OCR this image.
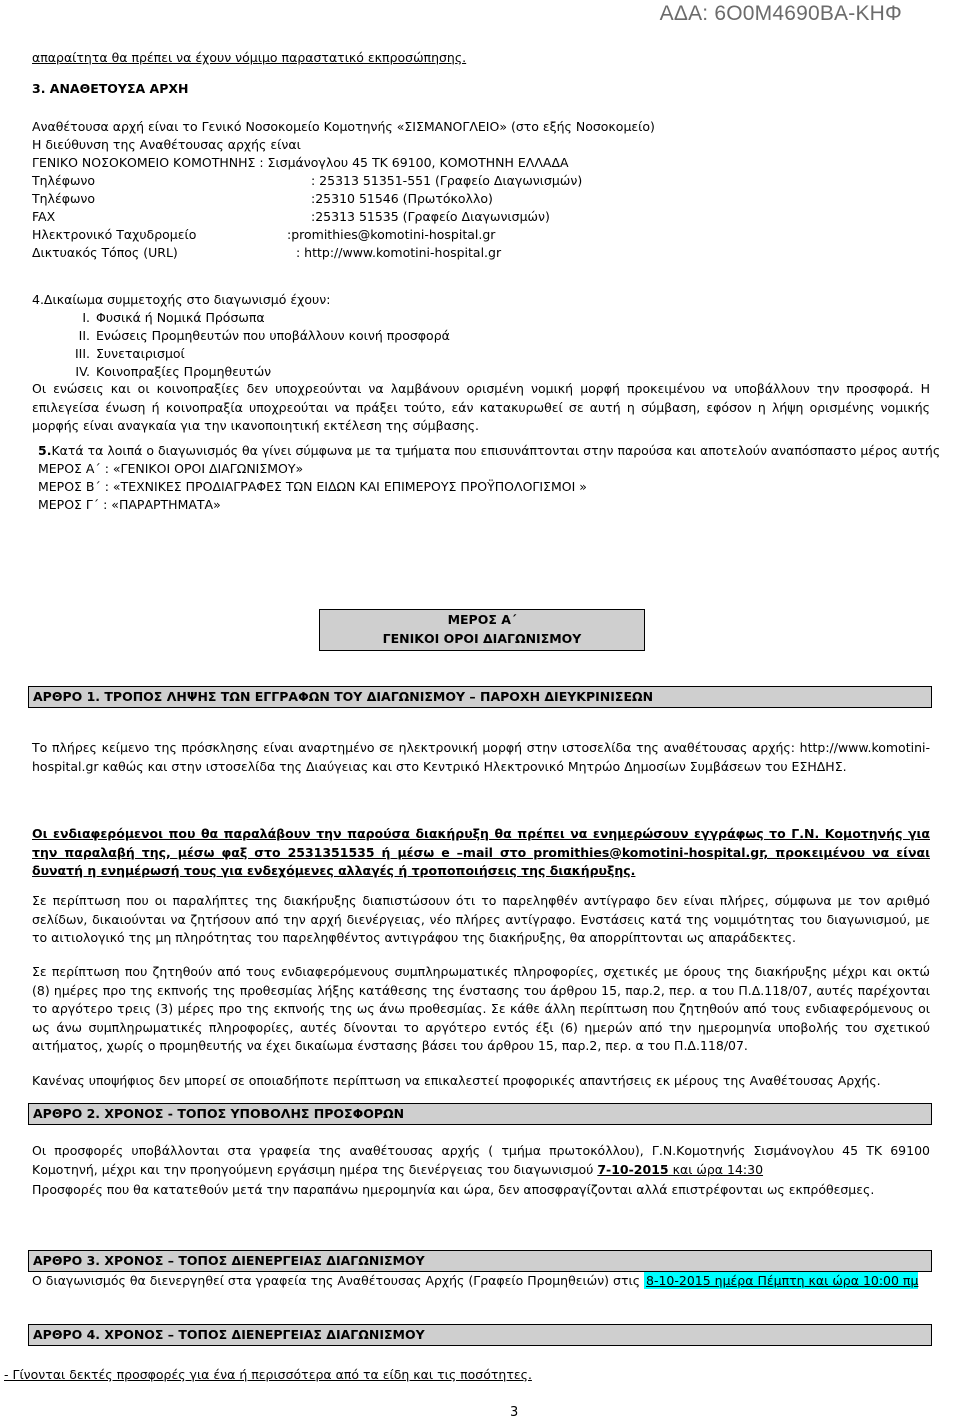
ΑΔΑ: 6Ο0Μ4690ΒΑ-ΚΗΦ
απαραίτητα θα πρέπει να έχουν νόμιμο παραστατικό εκπροσώπησης.
3. ΑΝΑΘΕΤΟΥΣΑ ΑΡΧΗ
Αναθέτουσα αρχή είναι το Γενικό Νοσοκομείο Κομοτηνής «ΣΙΣΜΑΝΟΓΛΕΙΟ» (στο εξής Νοσοκομείο)
Η διεύθυνση της Αναθέτουσας αρχής είναι
ΓΕΝΙΚΟ ΝΟΣΟΚΟΜΕΙΟ ΚΟΜΟΤΗΝΗΣ : Σισμάνογλου 45 ΤΚ 69100, ΚΟΜΟΤΗΝΗ ΕΛΛΑΔΑ
Τηλέφωνο	: 25313 51351-551 (Γραφείο Διαγωνισμών)
Τηλέφωνο	:25310 51546 (Πρωτόκολλο)
FAX	:25313 51535 (Γραφείο Διαγωνισμών)
Ηλεκτρονικό Ταχυδρομείο	:promithies@komotini-hospital.gr
Δικτυακός Τόπος (URL)	: http://www.komotini-hospital.gr
4.Δικαίωμα συμμετοχής στο διαγωνισμό έχουν:
I. Φυσικά ή Νομικά Πρόσωπα
II. Ενώσεις Προμηθευτών που υποβάλλουν κοινή προσφορά
III. Συνεταιρισμοί
IV. Κοινοπραξίες Προμηθευτών
Οι ενώσεις και οι κοινοπραξίες δεν υποχρεούνται να λαμβάνουν ορισμένη νομική μορφή προκειμένου να υποβάλλουν την προσφορά. Η επιλεγείσα ένωση ή κοινοπραξία υποχρεούται να πράξει τούτο, εάν κατακυρωθεί σε αυτή η σύμβαση, εφόσον η λήψη ορισμένης νομικής μορφής είναι αναγκαία για την ικανοποιητική εκτέλεση της σύμβασης.
5.Κατά τα λοιπά ο διαγωνισμός θα γίνει σύμφωνα με τα τμήματα που επισυνάπτονται στην παρούσα και αποτελούν αναπόσπαστο μέρος αυτής
ΜΕΡΟΣ Α΄ : «ΓΕΝΙΚΟΙ ΟΡΟΙ ΔΙΑΓΩΝΙΣΜΟΥ»
ΜΕΡΟΣ Β΄ : «ΤΕΧΝΙΚΕΣ ΠΡΟΔΙΑΓΡΑΦΕΣ ΤΩΝ ΕΙΔΩΝ ΚΑΙ ΕΠΙΜΕΡΟΥΣ ΠΡΟΫΠΟΛΟΓΙΣΜΟΙ »
ΜΕΡΟΣ Γ΄ : «ΠΑΡΑΡΤΗΜΑΤΑ»
ΜΕΡΟΣ Α΄
ΓΕΝΙΚΟΙ ΟΡΟΙ ΔΙΑΓΩΝΙΣΜΟΥ
ΑΡΘΡΟ 1. ΤΡΟΠΟΣ ΛΗΨΗΣ ΤΩΝ ΕΓΓΡΑΦΩΝ ΤΟΥ ΔΙΑΓΩΝΙΣΜΟΥ – ΠΑΡΟΧΗ ΔΙΕΥΚΡΙΝΙΣΕΩΝ
Το πλήρες κείμενο της πρόσκλησης είναι αναρτημένο σε ηλεκτρονική μορφή στην ιστοσελίδα της αναθέτουσας αρχής: http://www.komotini-hospital.gr καθώς και στην ιστοσελίδα της Διαύγειας και στο Κεντρικό Ηλεκτρονικό Μητρώο Δημοσίων Συμβάσεων του ΕΣΗΔΗΣ.
Οι ενδιαφερόμενοι που θα παραλάβουν την παρούσα διακήρυξη θα πρέπει να ενημερώσουν εγγράφως το Γ.Ν. Κομοτηνής για την παραλαβή της, μέσω φαξ στο 2531351535 ή μέσω e –mail στο promithies@komotini-hospital.gr, προκειμένου να είναι δυνατή η ενημέρωσή τους για ενδεχόμενες αλλαγές ή τροποποιήσεις της διακήρυξης.
Σε περίπτωση που οι παραλήπτες της διακήρυξης διαπιστώσουν ότι το παρεληφθέν αντίγραφο δεν είναι πλήρες, σύμφωνα με τον αριθμό σελίδων, δικαιούνται να ζητήσουν από την αρχή διενέργειας, νέο πλήρες αντίγραφο. Ενστάσεις κατά της νομιμότητας του διαγωνισμού, με το αιτιολογικό της μη πληρότητας του παρεληφθέντος αντιγράφου της διακήρυξης, θα απορρίπτονται ως απαράδεκτες.
Σε περίπτωση που ζητηθούν από τους ενδιαφερόμενους συμπληρωματικές πληροφορίες, σχετικές με όρους της διακήρυξης μέχρι και οκτώ (8) ημέρες προ της εκπνοής της προθεσμίας λήξης κατάθεσης της ένστασης του άρθρου 15, παρ.2, περ. α του Π.Δ.118/07, αυτές παρέχονται το αργότερο τρεις (3) μέρες προ της εκπνοής της ως άνω προθεσμίας. Σε κάθε άλλη περίπτωση που ζητηθούν από τους ενδιαφερόμενους οι ως άνω συμπληρωματικές πληροφορίες, αυτές δίνονται το αργότερο εντός έξι (6) ημερών από την ημερομηνία υποβολής του σχετικού αιτήματος, χωρίς ο προμηθευτής να έχει δικαίωμα ένστασης βάσει του άρθρου 15, παρ.2, περ. α του Π.Δ.118/07.
Κανένας υποψήφιος δεν μπορεί σε οποιαδήποτε περίπτωση να επικαλεστεί προφορικές απαντήσεις εκ μέρους της Αναθέτουσας Αρχής.
ΑΡΘΡΟ 2. ΧΡΟΝΟΣ - ΤΟΠΟΣ ΥΠΟΒΟΛΗΣ ΠΡΟΣΦΟΡΩΝ
Οι προσφορές υποβάλλονται στα γραφεία της αναθέτουσας αρχής ( τμήμα πρωτοκόλλου), Γ.Ν.Κομοτηνής Σισμάνογλου 45 ΤΚ 69100 Κομοτηνή, μέχρι και την προηγούμενη εργάσιμη ημέρα της διενέργειας του διαγωνισμού 7-10-2015 και ώρα 14:30
Προσφορές που θα κατατεθούν μετά την παραπάνω ημερομηνία και ώρα, δεν αποσφραγίζονται αλλά επιστρέφονται ως εκπρόθεσμες.
ΑΡΘΡΟ 3. ΧΡΟΝΟΣ – ΤΟΠΟΣ ΔΙΕΝΕΡΓΕΙΑΣ ΔΙΑΓΩΝΙΣΜΟΥ
Ο διαγωνισμός θα διενεργηθεί στα γραφεία της Αναθέτουσας Αρχής (Γραφείο Προμηθειών) στις 8-10-2015 ημέρα Πέμπτη και ώρα 10:00 πμ
ΑΡΘΡΟ 4. ΧΡΟΝΟΣ – ΤΟΠΟΣ ΔΙΕΝΕΡΓΕΙΑΣ ΔΙΑΓΩΝΙΣΜΟΥ
- Γίνονται δεκτές προσφορές για ένα ή περισσότερα από τα είδη και τις ποσότητες.
3
